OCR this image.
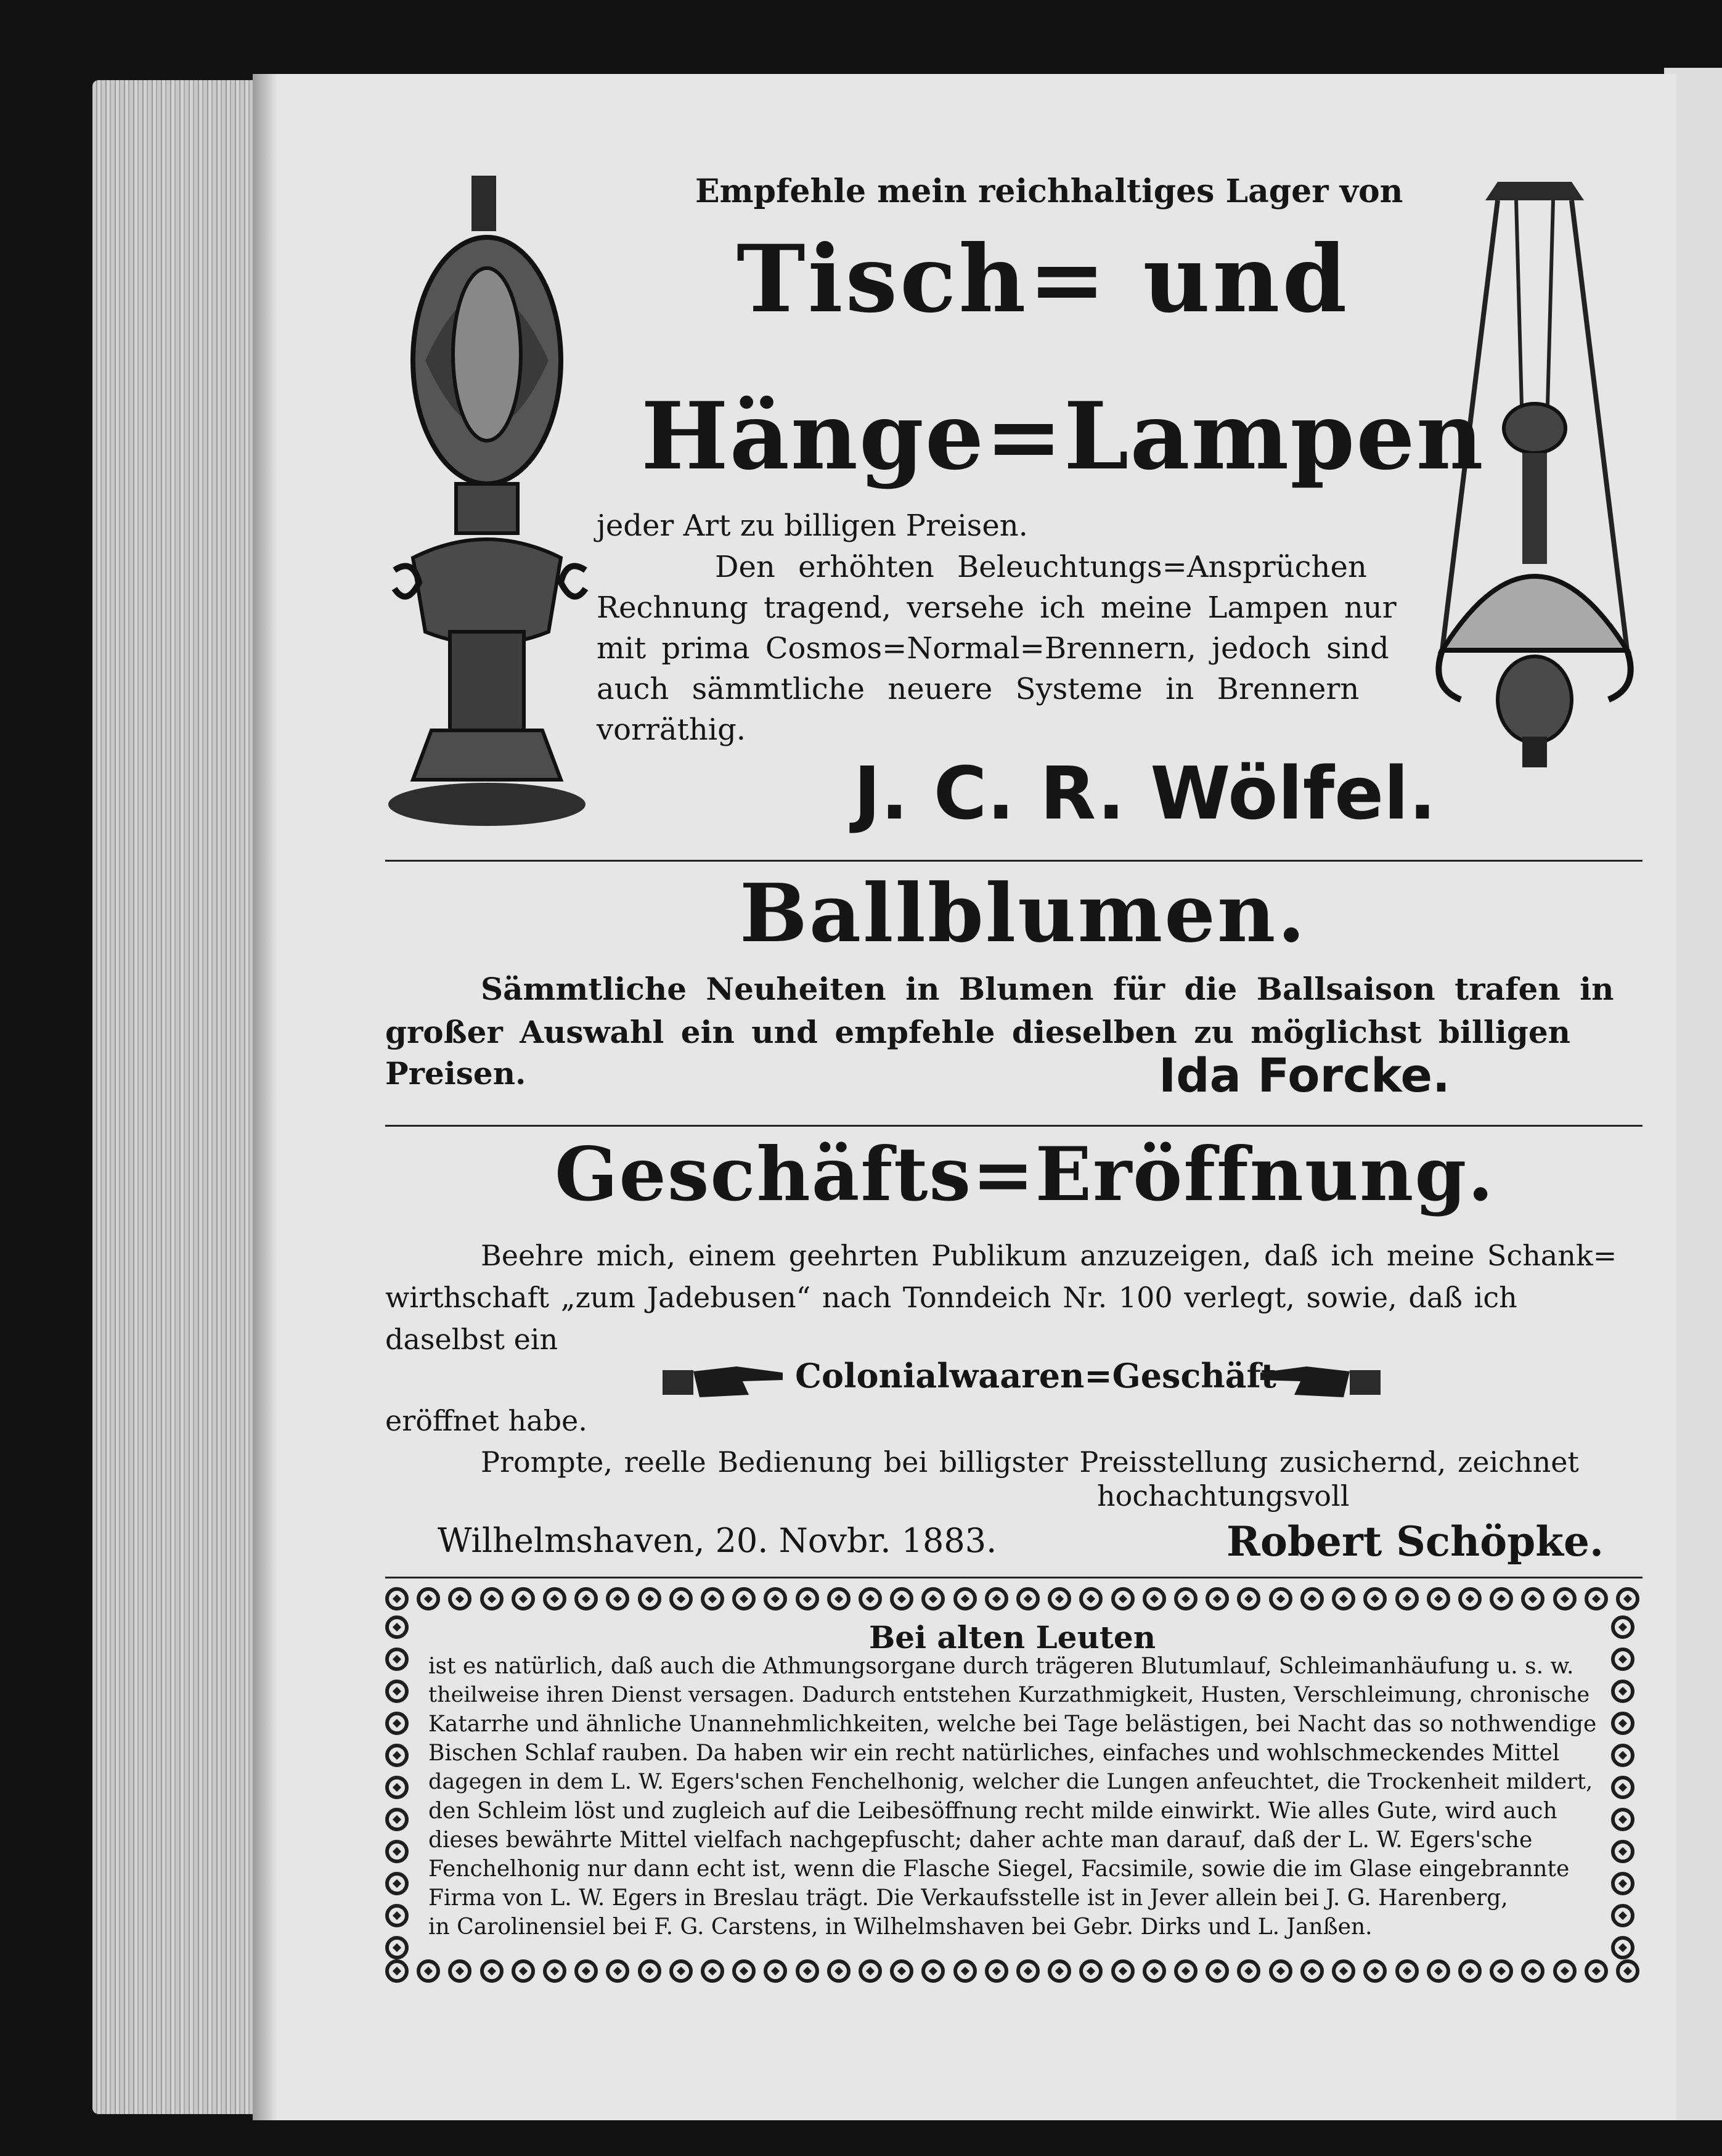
Empfehle mein reichhaltiges Lager von
Tisch= und
Hänge=Lampen
jeder Art zu billigen Preisen.
Den erhöhten Beleuchtungs=Ansprüchen
Rechnung tragend, versehe ich meine Lampen nur
mit prima Cosmos=Normal=Brennern, jedoch sind
auch sämmtliche neuere Systeme in Brennern
vorräthig.
J. C. R. Wölfel.
Ballblumen.
Sämmtliche Neuheiten in Blumen für die Ballsaison trafen in
großer Auswahl ein und empfehle dieselben zu möglichst billigen
Preisen.	Ida Forcke.
Geschäfts=Eröffnung.
Beehre mich, einem geehrten Publikum anzuzeigen, daß ich meine Schank=
wirthschaft „zum Jadebusen“ nach Tonndeich Nr. 100 verlegt, sowie, daß ich
daselbst ein
Colonialwaaren=Geschäft
eröffnet habe.
Prompte, reelle Bedienung bei billigster Preisstellung zusichernd, zeichnet
hochachtungsvoll
Wilhelmshaven, 20. Novbr. 1883.	Robert Schöpke.
Bei alten Leuten
ist es natürlich, daß auch die Athmungsorgane durch trägeren Blutumlauf, Schleimanhäufung u. s. w.
theilweise ihren Dienst versagen. Dadurch entstehen Kurzathmigkeit, Husten, Verschleimung, chronische
Katarrhe und ähnliche Unannehmlichkeiten, welche bei Tage belästigen, bei Nacht das so nothwendige
Bischen Schlaf rauben. Da haben wir ein recht natürliches, einfaches und wohlschmeckendes Mittel
dagegen in dem L. W. Egers'schen Fenchelhonig, welcher die Lungen anfeuchtet, die Trockenheit mildert,
den Schleim löst und zugleich auf die Leibesöffnung recht milde einwirkt. Wie alles Gute, wird auch
dieses bewährte Mittel vielfach nachgepfuscht; daher achte man darauf, daß der L. W. Egers'sche
Fenchelhonig nur dann echt ist, wenn die Flasche Siegel, Facsimile, sowie die im Glase eingebrannte
Firma von L. W. Egers in Breslau trägt. Die Verkaufsstelle ist in Jever allein bei J. G. Harenberg,
in Carolinensiel bei F. G. Carstens, in Wilhelmshaven bei Gebr. Dirks und L. Janßen.
